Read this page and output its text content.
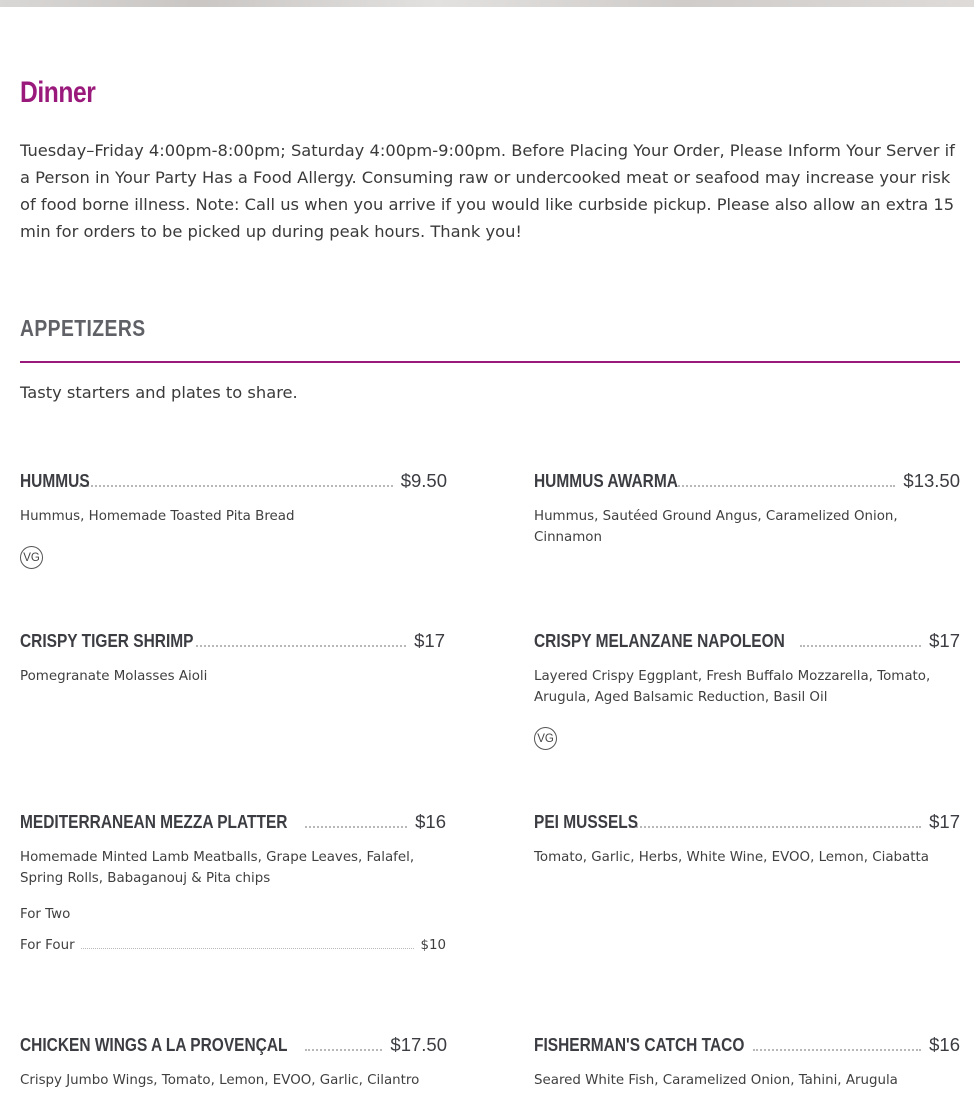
Dinner

Tuesday–Friday 4:00pm-8:00pm; Saturday 4:00pm-9:00pm. Before Placing Your Order, Please Inform Your Server if a Person in Your Party Has a Food Allergy. Consuming raw or undercooked meat or seafood may increase your risk of food borne illness. Note: Call us when you arrive if you would like curbside pickup. Please also allow an extra 15 min for orders to be picked up during peak hours. Thank you!

APPETIZERS
Tasty starters and plates to share.
HUMMUS	$9.50

Hummus, Homemade Toasted Pita Bread

VG
HUMMUS AWARMA	$13.50

Hummus, Sautéed Ground Angus, Caramelized Onion, Cinnamon

CRISPY TIGER SHRIMP	$17

Pomegranate Molasses Aioli

CRISPY MELANZANE NAPOLEON	$17

Layered Crispy Eggplant, Fresh Buffalo Mozzarella, Tomato, Arugula, Aged Balsamic Reduction, Basil Oil

VG
MEDITERRANEAN MEZZA PLATTER	$16

Homemade Minted Lamb Meatballs, Grape Leaves, Falafel, Spring Rolls, Babaganouj & Pita chips

For Two
For Four	$10
PEI MUSSELS	$17

Tomato, Garlic, Herbs, White Wine, EVOO, Lemon, Ciabatta

CHICKEN WINGS A LA PROVENÇAL	$17.50

Crispy Jumbo Wings, Tomato, Lemon, EVOO, Garlic, Cilantro

FISHERMAN'S CATCH TACO	$16

Seared White Fish, Caramelized Onion, Tahini, Arugula
